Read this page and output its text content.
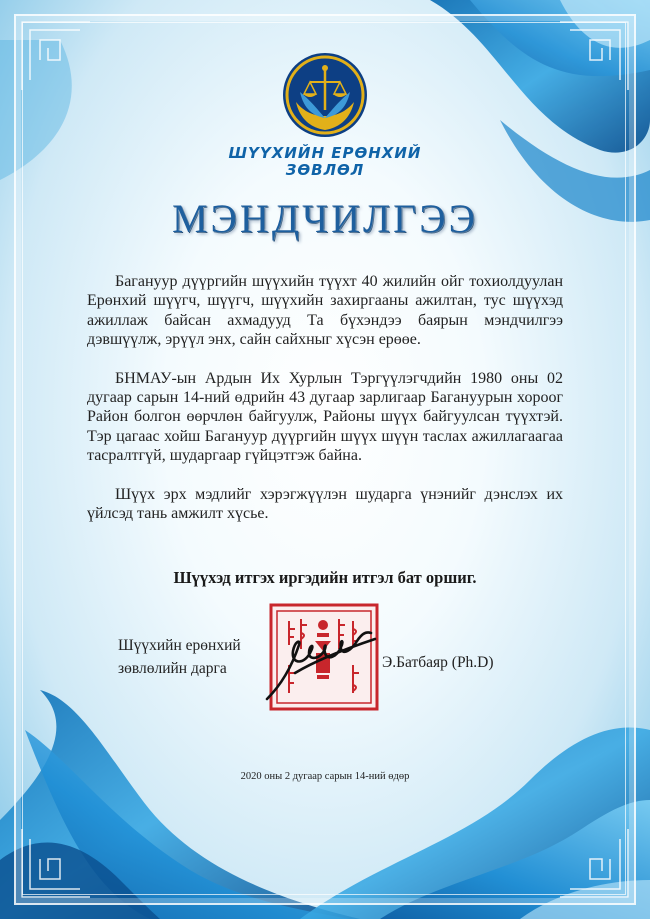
ШҮҮХИЙН ЕРӨНХИЙ
ЗӨВЛӨЛ
МЭНДЧИЛГЭЭ

Багануур дүүргийн шүүхийн түүхт 40 жилийн ойг тохиолдуулан Ерөнхий шүүгч, шүүгч, шүүхийн захиргааны ажилтан, тус шүүхэд ажиллаж байсан ахмадууд Та бүхэндээ баярын мэндчилгээ дэвшүүлж, эрүүл энх, сайн сайхныг хүсэн ерөөе.

БНМАУ-ын Ардын Их Хурлын Тэргүүлэгчдийн 1980 оны 02 дугаар сарын 14-ний өдрийн 43 дугаар зарлигаар Багануурын хороог Район болгон өөрчлөн байгуулж, Районы шүүх байгуулсан түүхтэй. Тэр цагаас хойш Багануур дүүргийн шүүх шүүн таслах ажиллагаагаа тасралтгүй, шударгаар гүйцэтгэж байна.

Шүүх эрх мэдлийг хэрэгжүүлэн шударга үнэнийг дэнслэх их үйлсэд тань амжилт хүсье.

Шүүхэд итгэх иргэдийн итгэл бат оршиг.
Шүүхийн ерөнхий
зөвлөлийн дарга	Э.Батбаяр (Ph.D)
2020 оны 2 дугаар сарын 14-ний өдөр
